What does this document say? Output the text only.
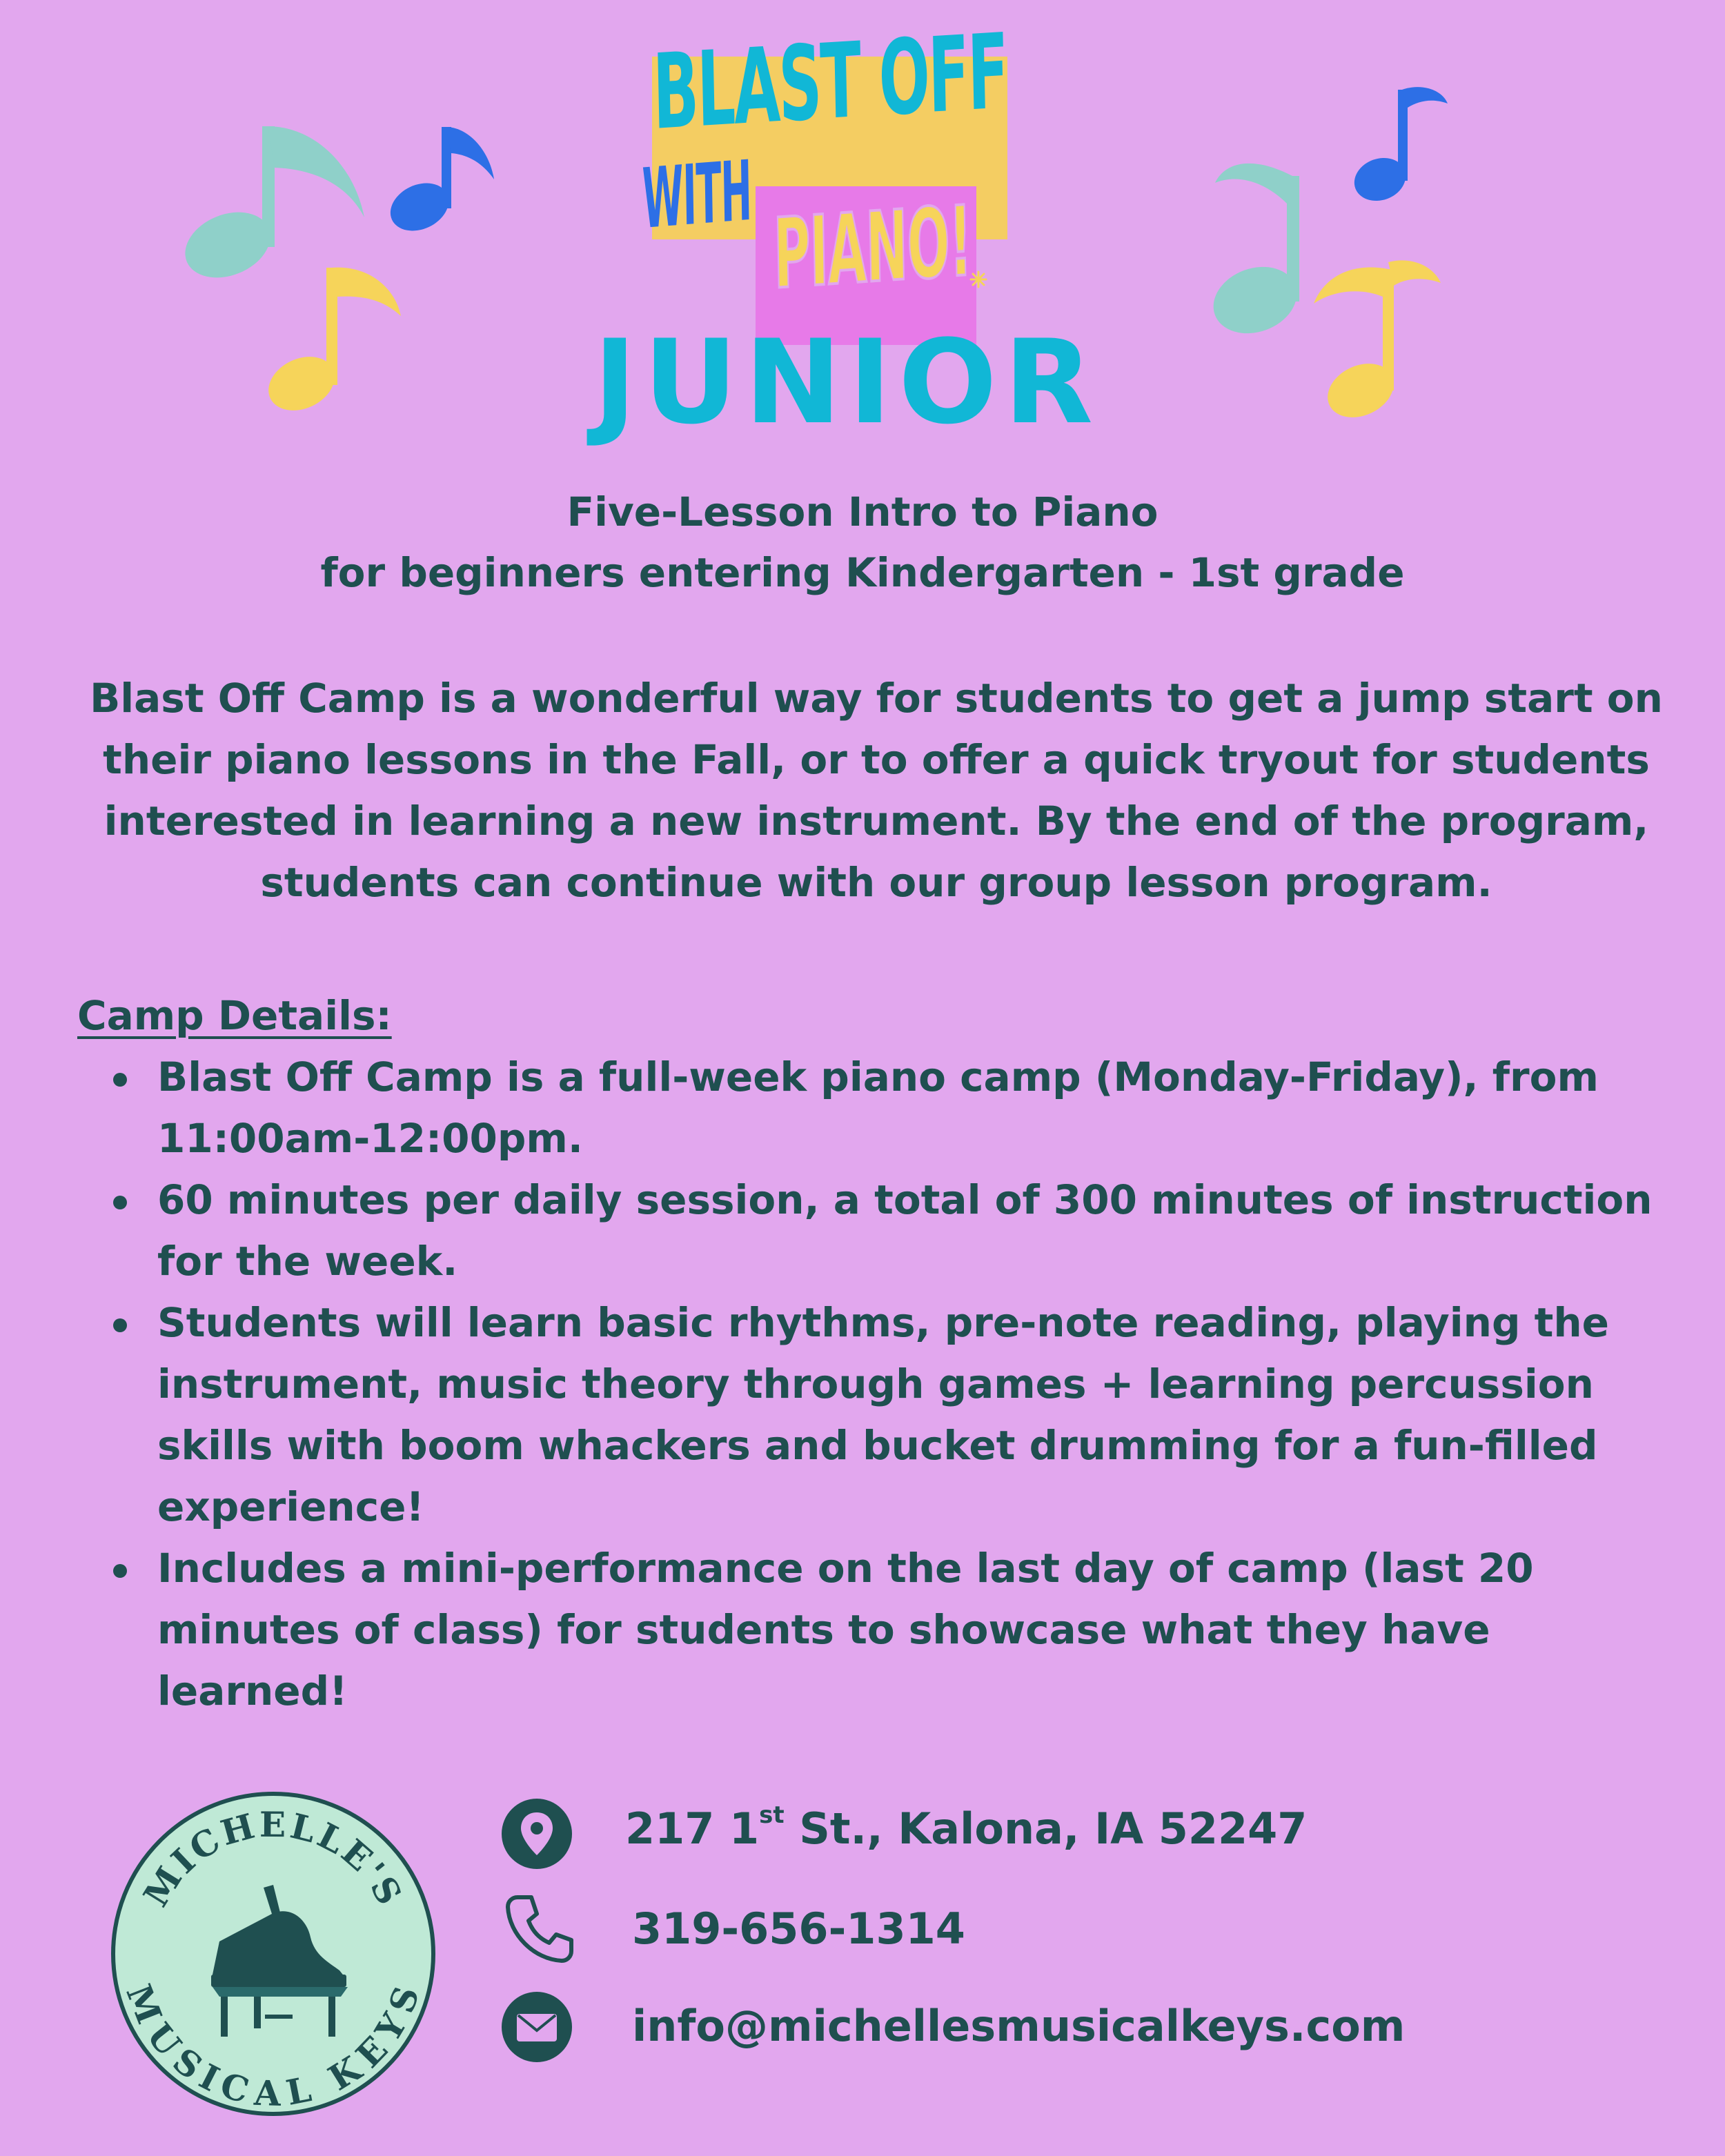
BLAST OFF
WITH PIANO!
JUNIOR
Five-Lesson Intro to Piano
for beginners entering Kindergarten - 1st grade
Blast Off Camp is a wonderful way for students to get a jump start on their piano lessons in the Fall, or to offer a quick tryout for students interested in learning a new instrument. By the end of the program, students can continue with our group lesson program.
Camp Details:
Blast Off Camp is a full-week piano camp (Monday-Friday), from 11:00am-12:00pm.
60 minutes per daily session, a total of 300 minutes of instruction for the week.
Students will learn basic rhythms, pre-note reading, playing the instrument, music theory through games + learning percussion skills with boom whackers and bucket drumming for a fun-filled experience!
Includes a mini-performance on the last day of camp (last 20 minutes of class) for students to showcase what they have learned!
MICHELLE'S
MUSICAL KEYS
217 1st St., Kalona, IA 52247
319-656-1314
info@michellesmusicalkeys.com
